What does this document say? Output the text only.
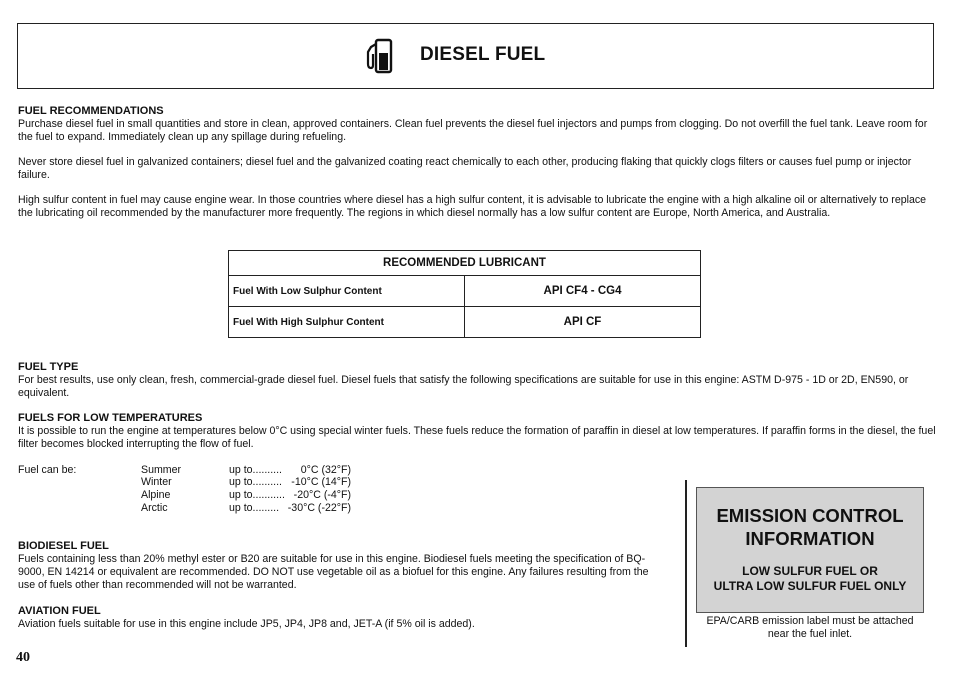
DIESEL FUEL
FUEL RECOMMENDATIONS
Purchase diesel fuel in small quantities and store in clean, approved containers. Clean fuel prevents the diesel fuel injectors and pumps from clogging. Do not overfill the fuel tank. Leave room for the fuel to expand. Immediately clean up any spillage during refueling.
Never store diesel fuel in galvanized containers; diesel fuel and the galvanized coating react chemically to each other, producing flaking that quickly clogs filters or causes fuel pump or injector failure.
High sulfur content in fuel may cause engine wear. In those countries where diesel has a high sulfur content, it is advisable to lubricate the engine with a high alkaline oil or alternatively to replace the lubricating oil recommended by the manufacturer more frequently. The regions in which diesel normally has a low sulfur content are Europe, North America, and Australia.
RECOMMENDED LUBRICANT	
Fuel With Low Sulphur Content	API CF4 - CG4
Fuel With High Sulphur Content	API CF
FUEL TYPE
For best results, use only clean, fresh, commercial-grade diesel fuel. Diesel fuels that satisfy the following specifications are suitable for use in this engine: ASTM D-975 - 1D or 2D, EN590, or equivalent.
FUELS FOR LOW TEMPERATURES
It is possible to run the engine at temperatures below 0°C using special winter fuels. These fuels reduce the formation of paraffin in diesel at low temperatures. If paraffin forms in the diesel, the fuel filter becomes blocked interrupting the flow of fuel.
Fuel can be:	Summer	up to.......... 0°C (32°F)
Winter	up to.......... -10°C (14°F)
Alpine	up to........... -20°C (-4°F)
Arctic	up to......... -30°C (-22°F)
BIODIESEL FUEL
Fuels containing less than 20% methyl ester or B20 are suitable for use in this engine. Biodiesel fuels meeting the specification of BQ-9000, EN 14214 or equivalent are recommended. DO NOT use vegetable oil as a biofuel for this engine. Any failures resulting from the use of fuels other than recommended will not be warranted.
AVIATION FUEL
Aviation fuels suitable for use in this engine include JP5, JP4, JP8 and, JET-A (if 5% oil is added).
EMISSION CONTROL
INFORMATION
LOW SULFUR FUEL OR
ULTRA LOW SULFUR FUEL ONLY
EPA/CARB emission label must be attached near the fuel inlet.
40
